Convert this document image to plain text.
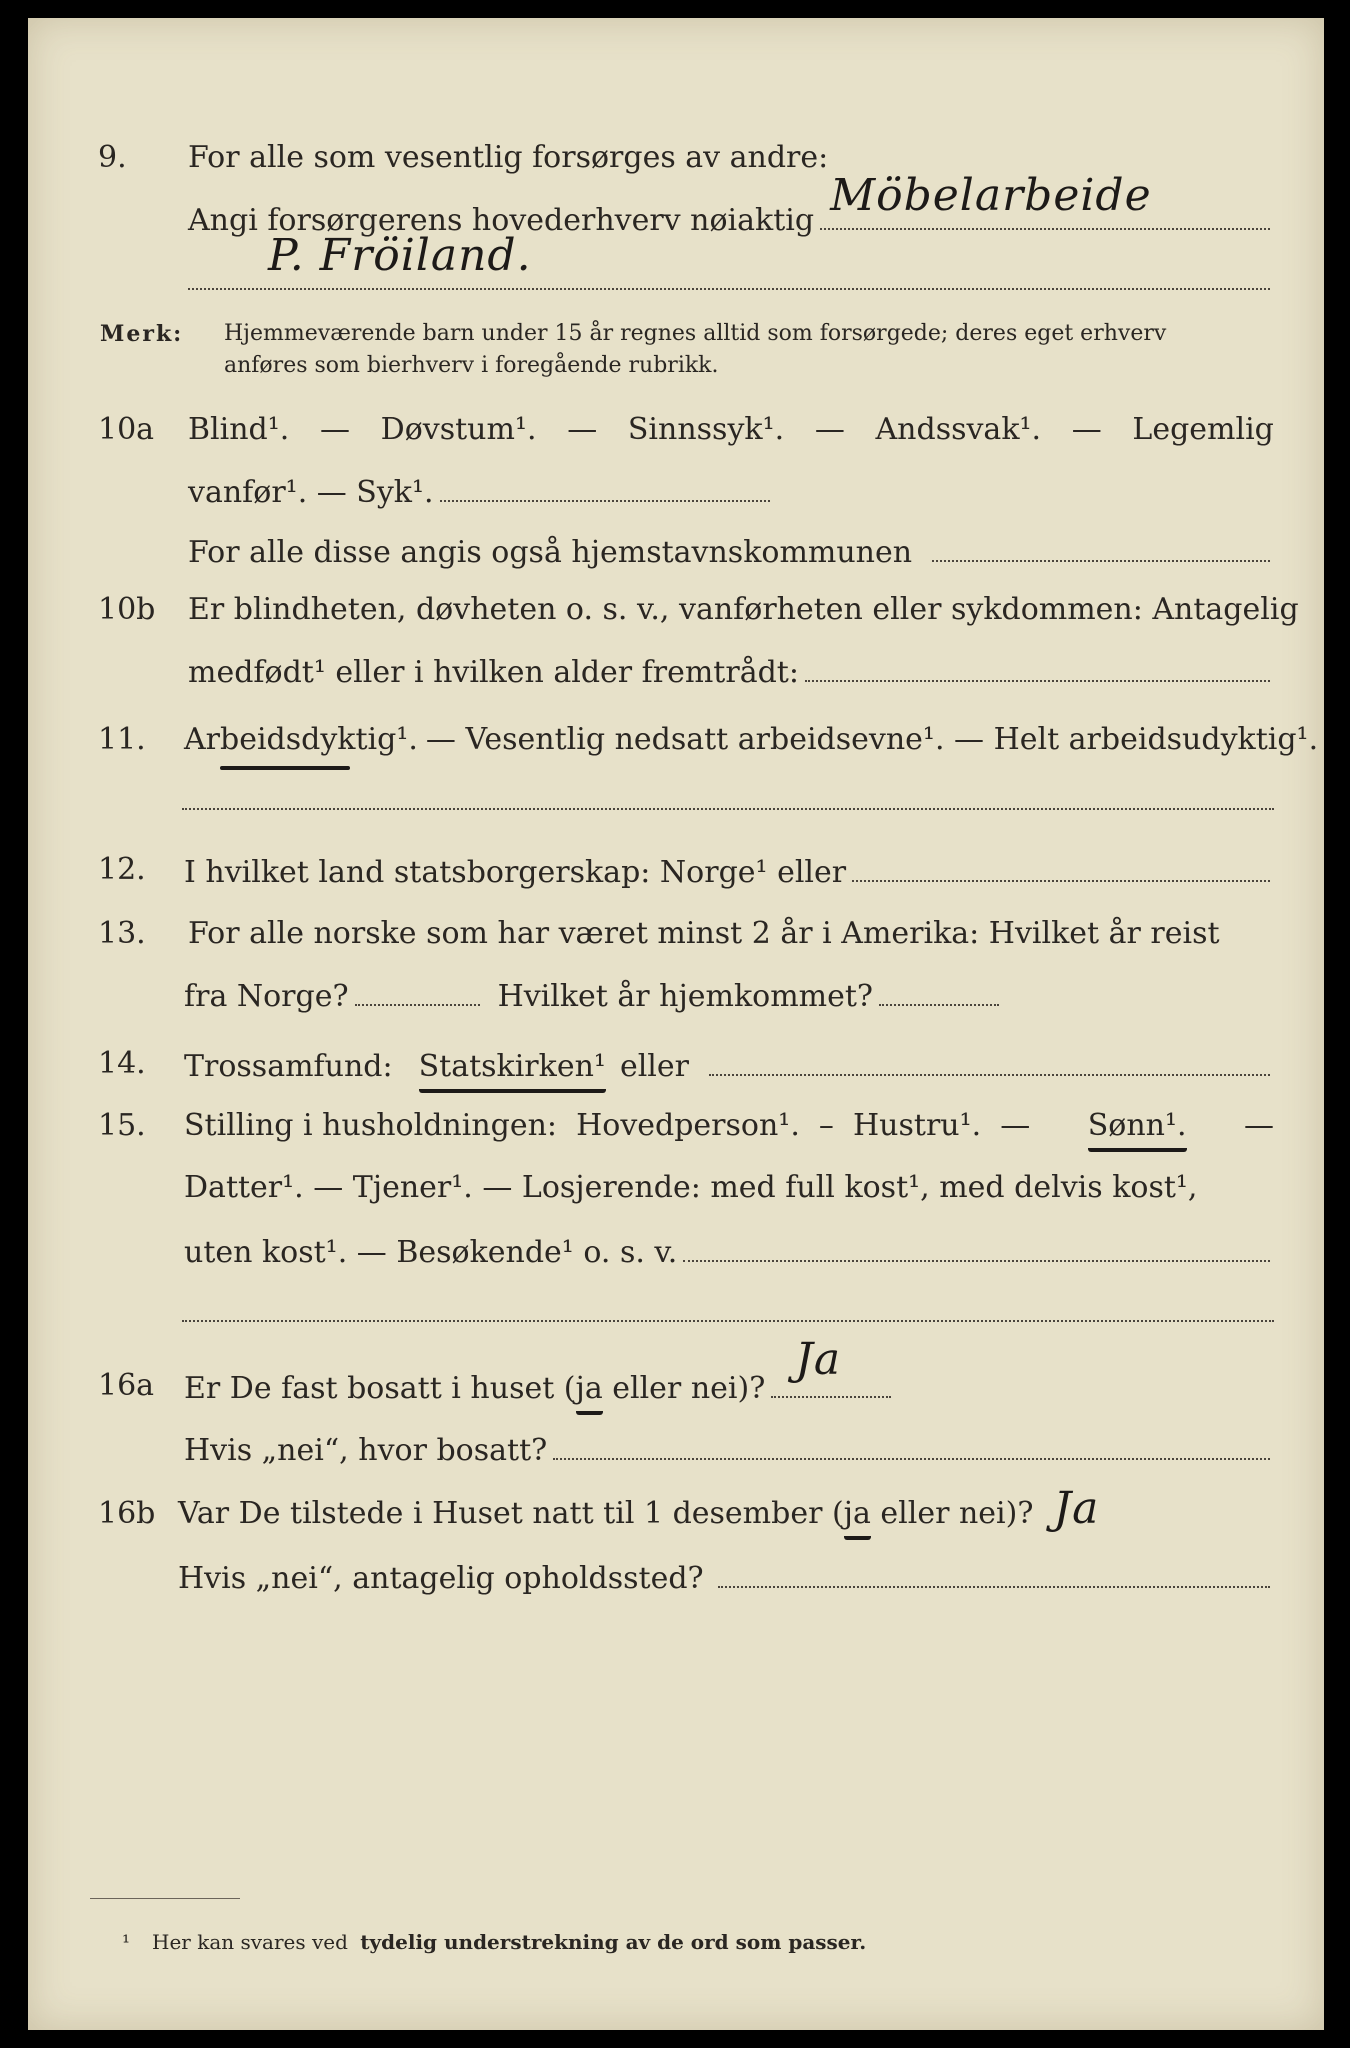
9.	For alle som vesentlig forsørges av andre:
Angi forsørgerens hovederhverv nøiaktig Möbelarbeide
P. Fröiland.
Merk: Hjemmeværende barn under 15 år regnes alltid som forsørgede; deres eget erhverv
anføres som bierhverv i foregående rubrikk.
10a	Blind¹. — Døvstum¹. — Sinnssyk¹. — Andssvak¹. — Legemlig
vanfør¹. — Syk¹.
For alle disse angis også hjemstavnskommunen
10b	Er blindheten, døvheten o. s. v., vanførheten eller sykdommen: Antagelig
medfødt¹ eller i hvilken alder fremtrådt:
11.	Arbeidsdyktig¹. — Vesentlig nedsatt arbeidsevne¹. — Helt arbeidsudyktig¹.
12.	I hvilket land statsborgerskap: Norge¹ eller
13.	For alle norske som har været minst 2 år i Amerika: Hvilket år reist
fra Norge?	Hvilket år hjemkommet?
14.	Trossamfund: Statskirken¹ eller
15.	Stilling i husholdningen:  Hovedperson¹.  –  Hustru¹.  — Sønn¹. —
Datter¹. — Tjener¹. — Losjerende: med full kost¹, med delvis kost¹,
uten kost¹. — Besøkende¹ o. s. v.
16a Er De fast bosatt i huset ( ja eller nei)?
Ja
Hvis „nei“, hvor bosatt?
16b Var De tilstede i Huset natt til 1 desember ( ja eller nei)? Ja
Hvis „nei“, antagelig opholdssted?
¹ Her kan svares ved tydelig understrekning av de ord som passer.
